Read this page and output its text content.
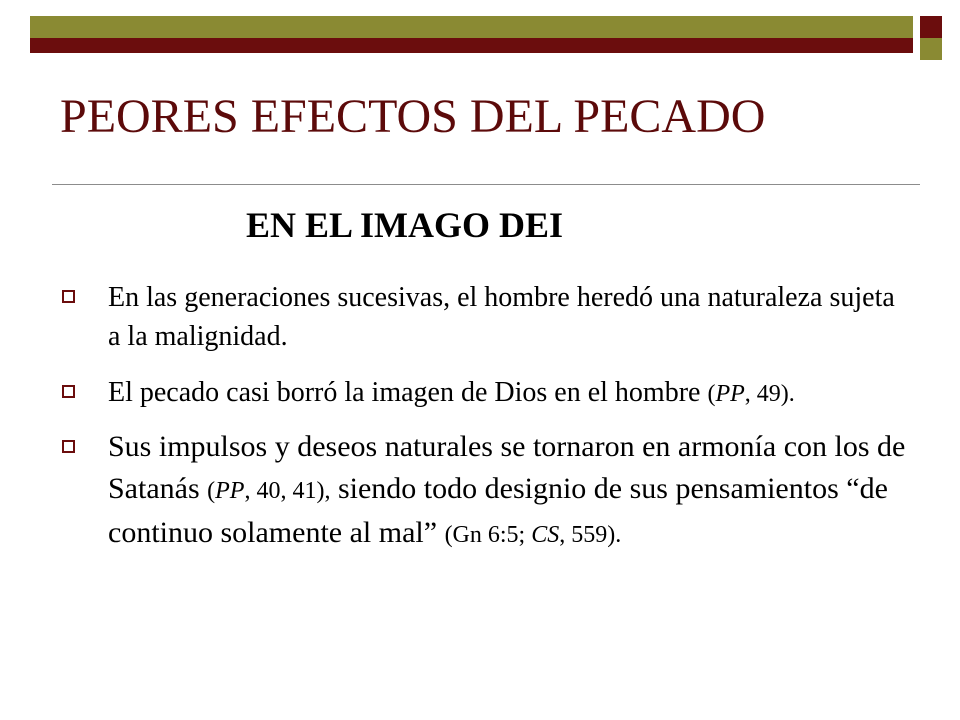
PEORES EFECTOS DEL PECADO
EN EL IMAGO DEI
En las generaciones sucesivas, el hombre heredó una naturaleza sujeta a la malignidad.
El pecado casi borró la imagen de Dios en el hombre (PP, 49).
Sus impulsos y deseos naturales se tornaron en armonía con los de Satanás (PP, 40, 41), siendo todo designio de sus pensamientos “de continuo solamente al mal” (Gn 6:5; CS, 559).
